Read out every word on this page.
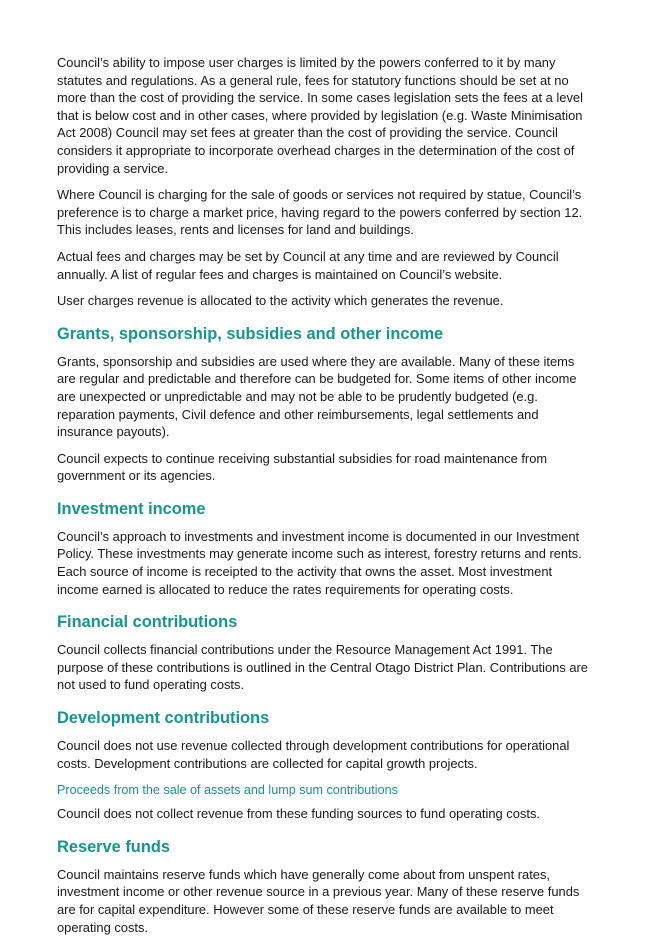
Council’s ability to impose user charges is limited by the powers conferred to it by many statutes and regulations. As a general rule, fees for statutory functions should be set at no more than the cost of providing the service. In some cases legislation sets the fees at a level that is below cost and in other cases, where provided by legislation (e.g. Waste Minimisation Act 2008) Council may set fees at greater than the cost of providing the service. Council considers it appropriate to incorporate overhead charges in the determination of the cost of providing a service.

Where Council is charging for the sale of goods or services not required by statue, Council’s preference is to charge a market price, having regard to the powers conferred by section 12. This includes leases, rents and licenses for land and buildings.

Actual fees and charges may be set by Council at any time and are reviewed by Council annually. A list of regular fees and charges is maintained on Council’s website.

User charges revenue is allocated to the activity which generates the revenue.

Grants, sponsorship, subsidies and other income

Grants, sponsorship and subsidies are used where they are available. Many of these items are regular and predictable and therefore can be budgeted for. Some items of other income are unexpected or unpredictable and may not be able to be prudently budgeted (e.g. reparation payments, Civil defence and other reimbursements, legal settlements and insurance payouts).

Council expects to continue receiving substantial subsidies for road maintenance from government or its agencies.

Investment income

Council’s approach to investments and investment income is documented in our Investment Policy. These investments may generate income such as interest, forestry returns and rents. Each source of income is receipted to the activity that owns the asset. Most investment income earned is allocated to reduce the rates requirements for operating costs.

Financial contributions

Council collects financial contributions under the Resource Management Act 1991. The purpose of these contributions is outlined in the Central Otago District Plan. Contributions are not used to fund operating costs.

Development contributions

Council does not use revenue collected through development contributions for operational costs. Development contributions are collected for capital growth projects.

Proceeds from the sale of assets and lump sum contributions

Council does not collect revenue from these funding sources to fund operating costs.

Reserve funds

Council maintains reserve funds which have generally come about from unspent rates, investment income or other revenue source in a previous year. Many of these reserve funds are for capital expenditure. However some of these reserve funds are available to meet operating costs.
